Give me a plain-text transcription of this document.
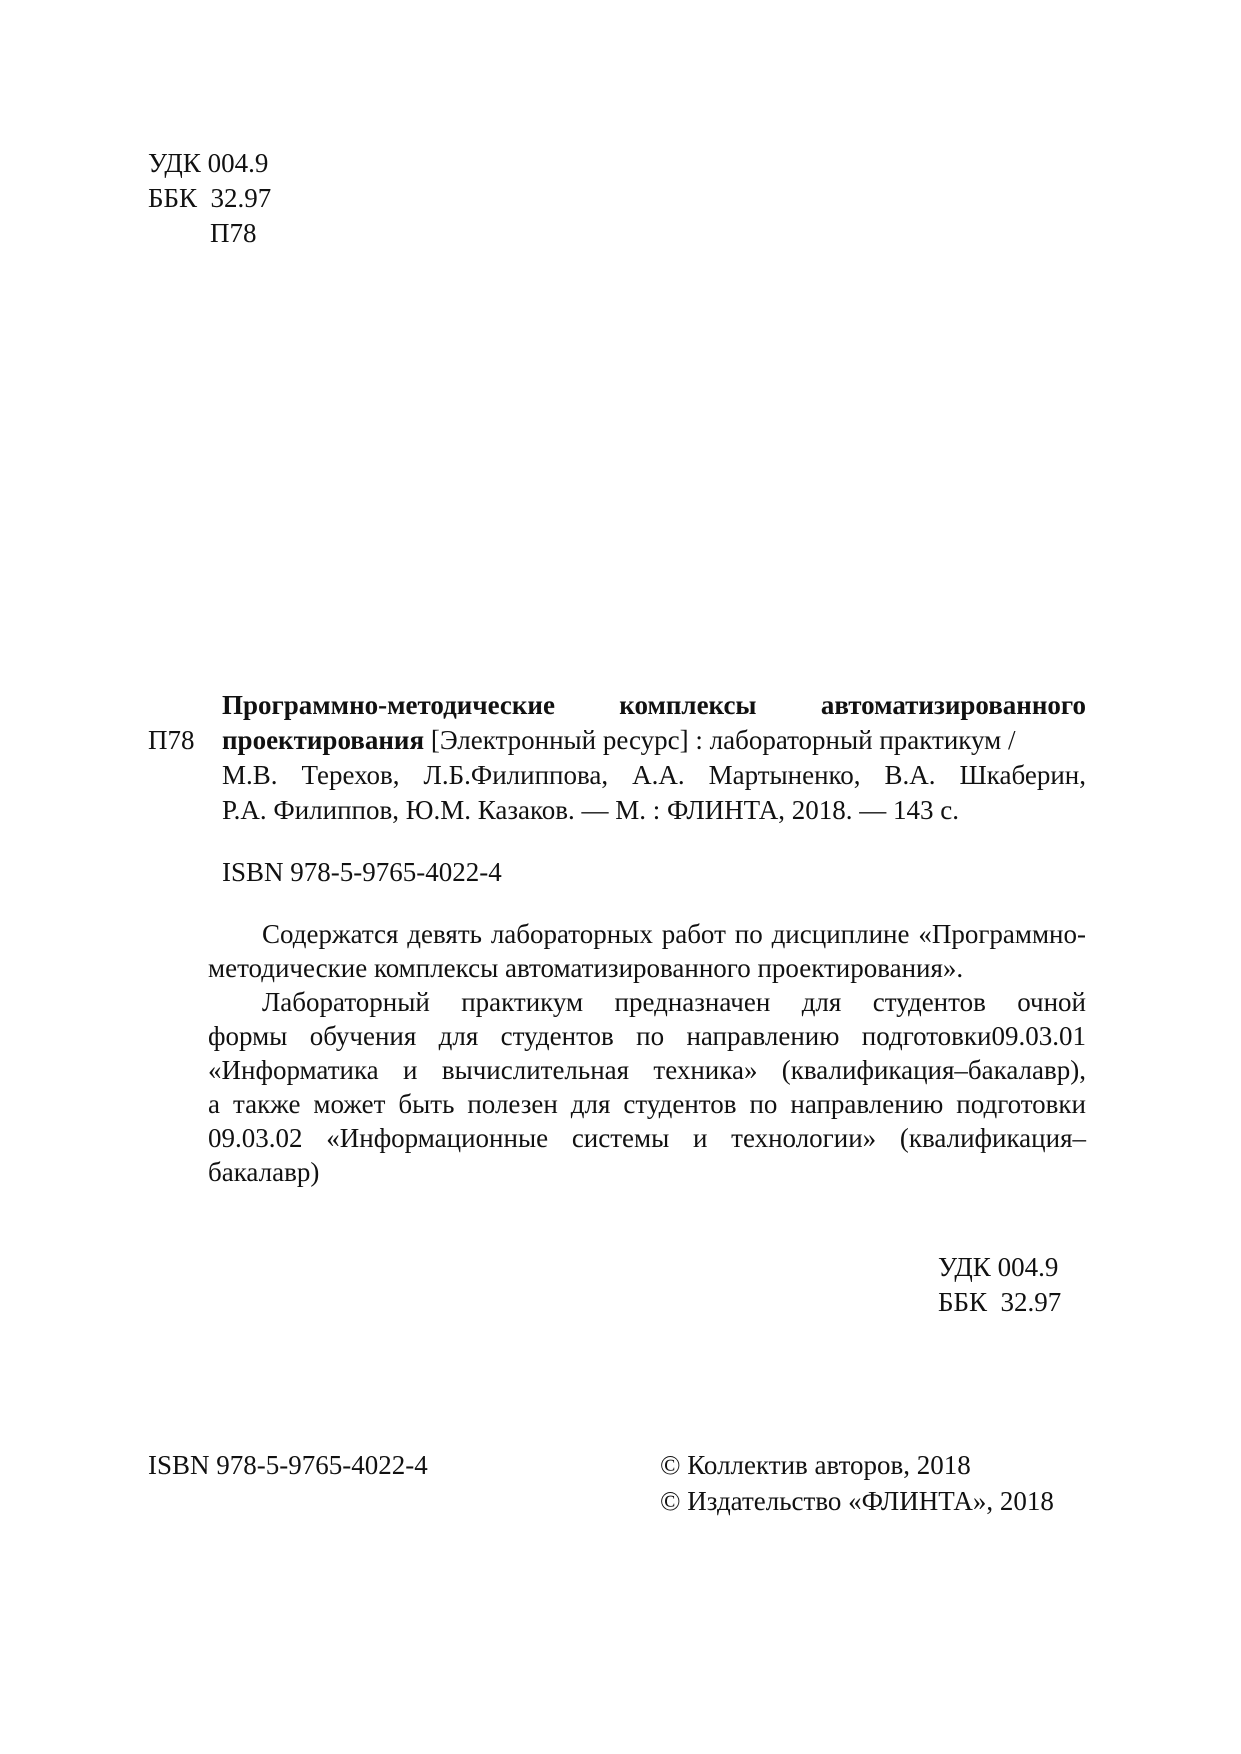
УДК 004.9
ББК  32.97
П78
П78
Программно-методические комплексы автоматизированного
проектирования [Электронный ресурс] : лабораторный практикум /
М.В. Терехов, Л.Б.Филиппова, А.А. Мартыненко, В.А. Шкаберин,
Р.А. Филиппов, Ю.М. Казаков. — М. : ФЛИНТА, 2018. — 143 с.
ISBN 978-5-9765-4022-4
Содержатся девять лабораторных работ по дисциплине «Программно-
методические комплексы автоматизированного проектирования».
Лабораторный практикум предназначен для студентов очной
формы обучения для студентов по направлению подготовки09.03.01
«Информатика и вычислительная техника» (квалификация–бакалавр),
а также может быть полезен для студентов по направлению подготовки
09.03.02 «Информационные системы и технологии» (квалификация–
бакалавр)
УДК 004.9
ББК  32.97
ISBN 978-5-9765-4022-4	© Коллектив авторов, 2018
© Издательство «ФЛИНТА», 2018
